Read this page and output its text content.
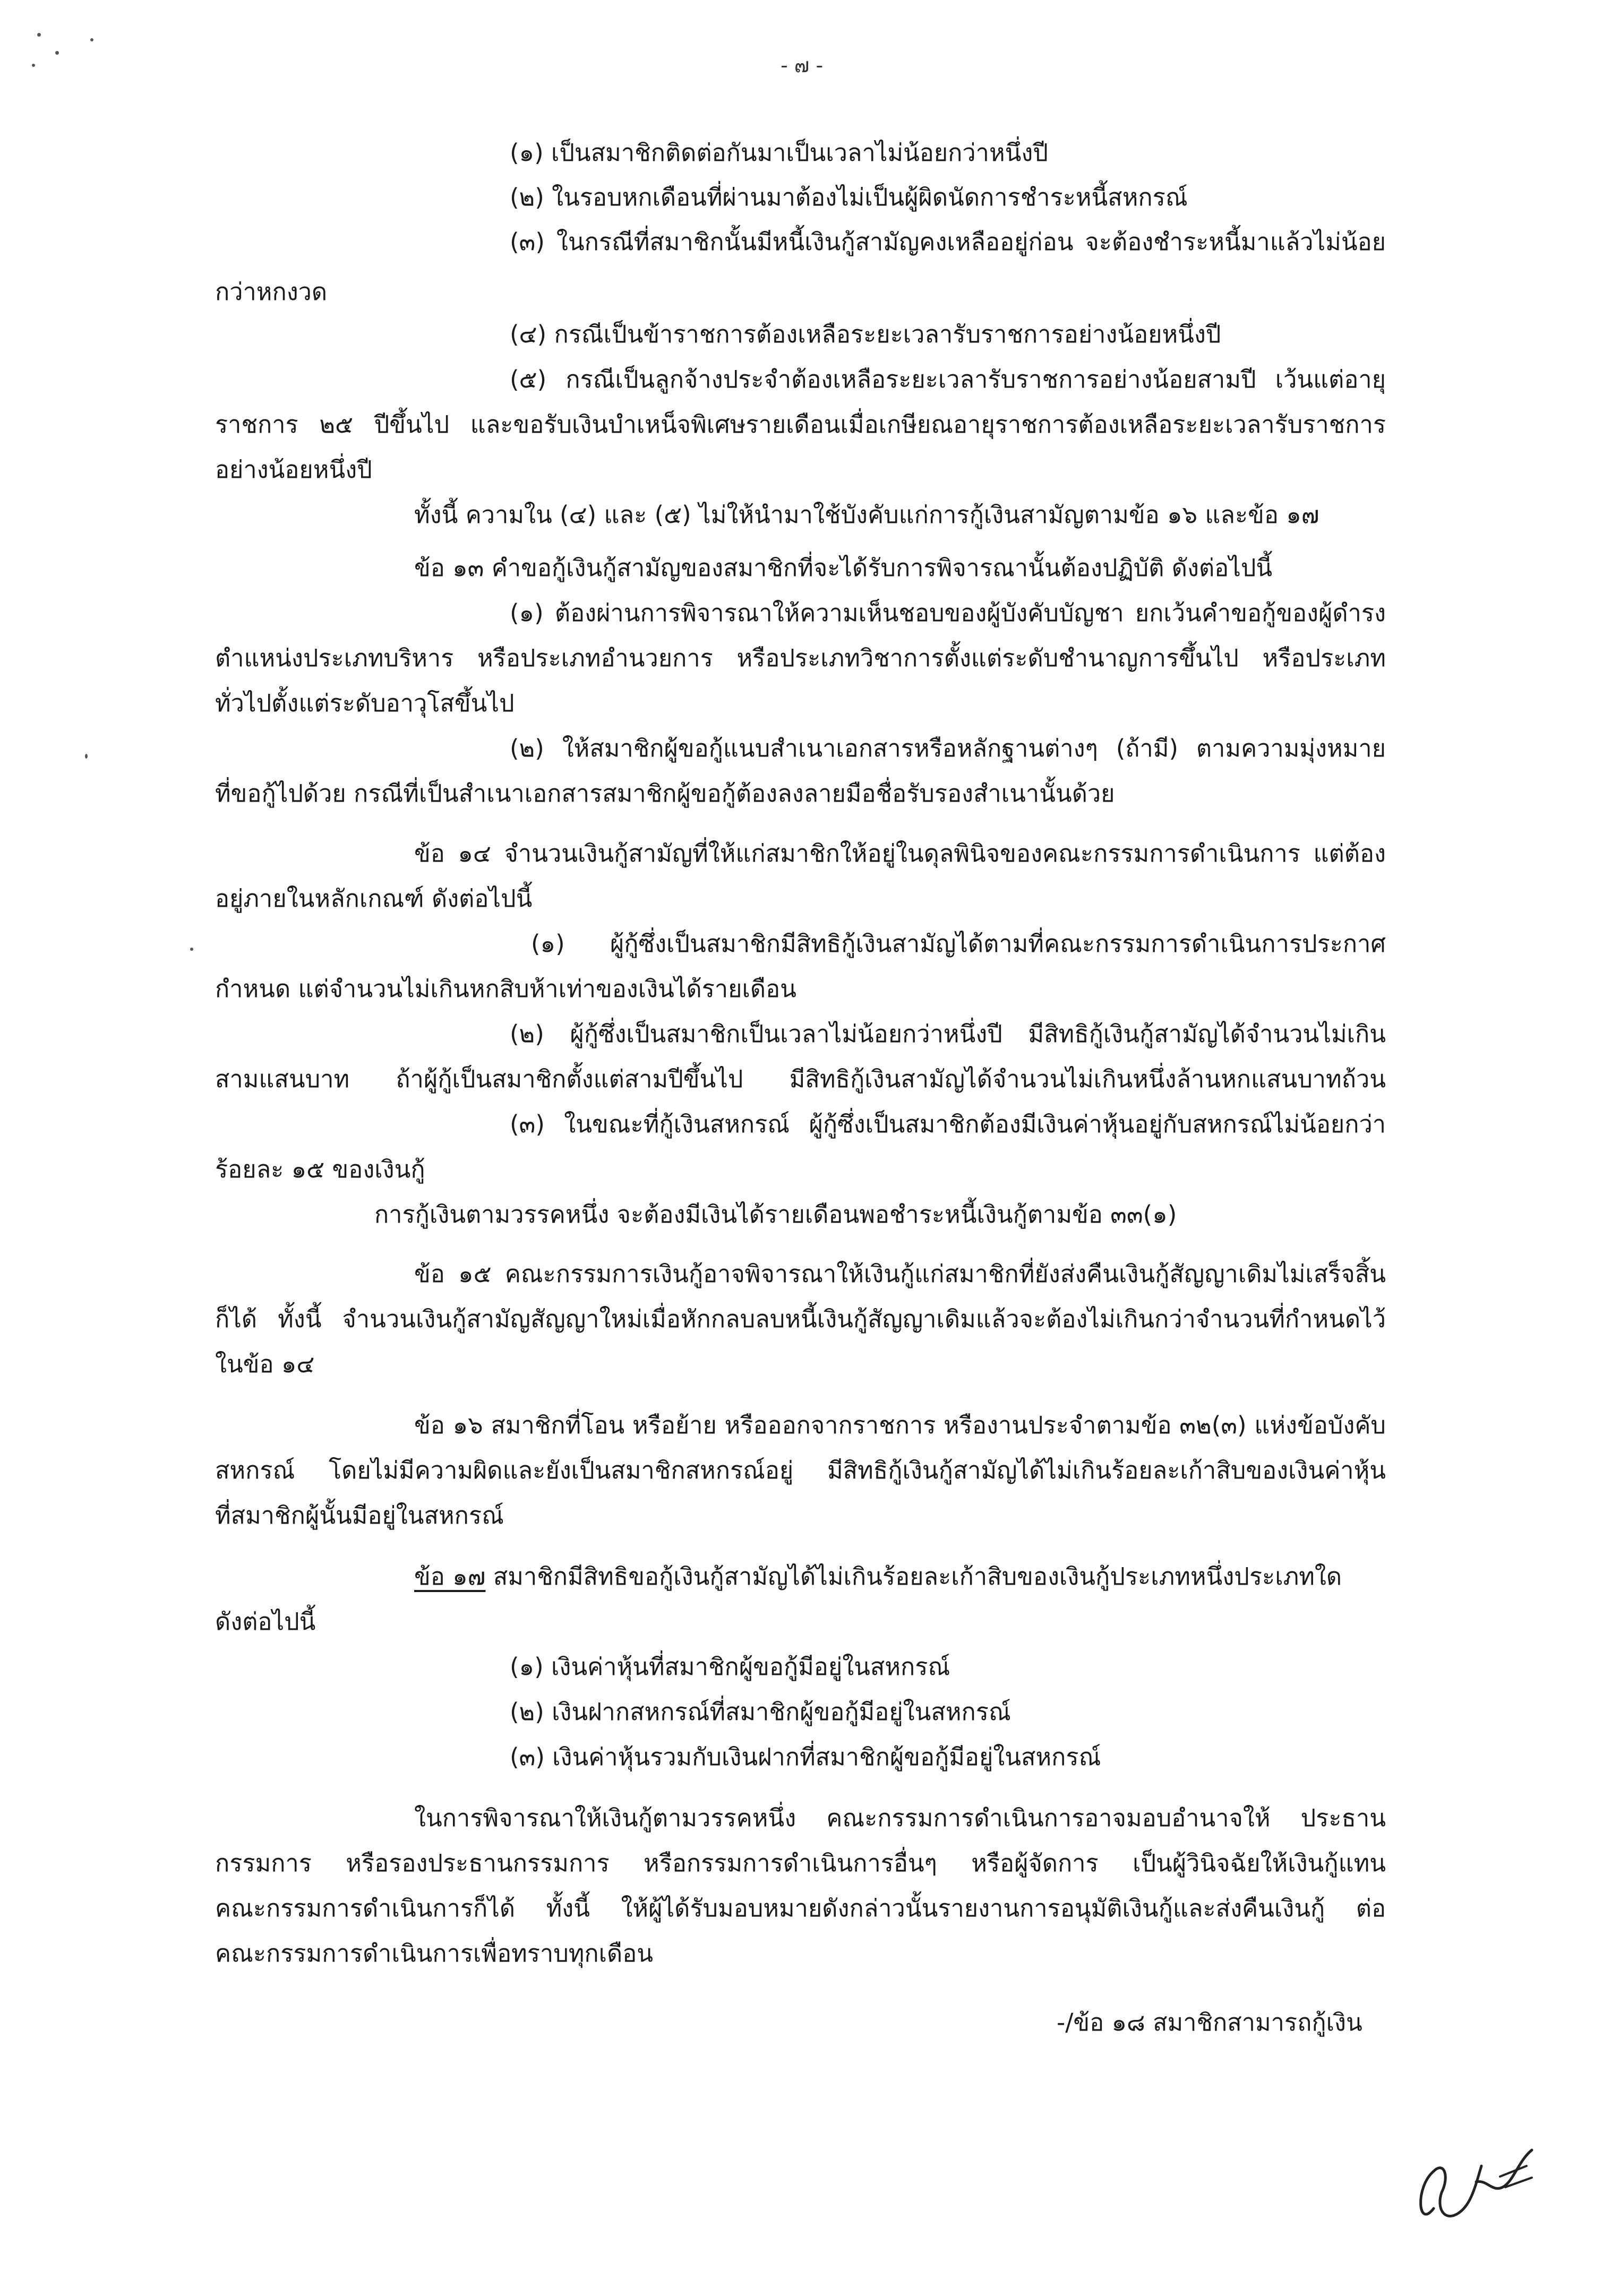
- ๗ -
(๑) เป็นสมาชิกติดต่อกันมาเป็นเวลาไม่น้อยกว่าหนึ่งปี
(๒) ในรอบหกเดือนที่ผ่านมาต้องไม่เป็นผู้ผิดนัดการชำระหนี้สหกรณ์
(๓) ในกรณีที่สมาชิกนั้นมีหนี้เงินกู้สามัญคงเหลืออยู่ก่อน จะต้องชำระหนี้มาแล้วไม่น้อย
กว่าหกงวด
(๔) กรณีเป็นข้าราชการต้องเหลือระยะเวลารับราชการอย่างน้อยหนึ่งปี
(๕) กรณีเป็นลูกจ้างประจำต้องเหลือระยะเวลารับราชการอย่างน้อยสามปี เว้นแต่อายุ
ราชการ ๒๕ ปีขึ้นไป และขอรับเงินบำเหน็จพิเศษรายเดือนเมื่อเกษียณอายุราชการต้องเหลือระยะเวลารับราชการ
อย่างน้อยหนึ่งปี
ทั้งนี้ ความใน (๔) และ (๕) ไม่ให้นำมาใช้บังคับแก่การกู้เงินสามัญตามข้อ ๑๖ และข้อ ๑๗
ข้อ ๑๓ คำขอกู้เงินกู้สามัญของสมาชิกที่จะได้รับการพิจารณานั้นต้องปฏิบัติ ดังต่อไปนี้
(๑) ต้องผ่านการพิจารณาให้ความเห็นชอบของผู้บังคับบัญชา ยกเว้นคำขอกู้ของผู้ดำรง
ตำแหน่งประเภทบริหาร หรือประเภทอำนวยการ หรือประเภทวิชาการตั้งแต่ระดับชำนาญการขึ้นไป หรือประเภท
ทั่วไปตั้งแต่ระดับอาวุโสขึ้นไป
(๒) ให้สมาชิกผู้ขอกู้แนบสำเนาเอกสารหรือหลักฐานต่างๆ (ถ้ามี) ตามความมุ่งหมาย
ที่ขอกู้ไปด้วย กรณีที่เป็นสำเนาเอกสารสมาชิกผู้ขอกู้ต้องลงลายมือชื่อรับรองสำเนานั้นด้วย
ข้อ ๑๔ จำนวนเงินกู้สามัญที่ให้แก่สมาชิกให้อยู่ในดุลพินิจของคณะกรรมการดำเนินการ แต่ต้อง
อยู่ภายในหลักเกณฑ์ ดังต่อไปนี้
(๑) ผู้กู้ซึ่งเป็นสมาชิกมีสิทธิกู้เงินสามัญได้ตามที่คณะกรรมการดำเนินการประกาศ
กำหนด แต่จำนวนไม่เกินหกสิบห้าเท่าของเงินได้รายเดือน
(๒) ผู้กู้ซึ่งเป็นสมาชิกเป็นเวลาไม่น้อยกว่าหนึ่งปี มีสิทธิกู้เงินกู้สามัญได้จำนวนไม่เกิน
สามแสนบาท ถ้าผู้กู้เป็นสมาชิกตั้งแต่สามปีขึ้นไป มีสิทธิกู้เงินสามัญได้จำนวนไม่เกินหนึ่งล้านหกแสนบาทถ้วน
(๓) ในขณะที่กู้เงินสหกรณ์ ผู้กู้ซึ่งเป็นสมาชิกต้องมีเงินค่าหุ้นอยู่กับสหกรณ์ไม่น้อยกว่า
ร้อยละ ๑๕ ของเงินกู้
การกู้เงินตามวรรคหนึ่ง จะต้องมีเงินได้รายเดือนพอชำระหนี้เงินกู้ตามข้อ ๓๓(๑)
ข้อ ๑๕ คณะกรรมการเงินกู้อาจพิจารณาให้เงินกู้แก่สมาชิกที่ยังส่งคืนเงินกู้สัญญาเดิมไม่เสร็จสิ้น
ก็ได้ ทั้งนี้ จำนวนเงินกู้สามัญสัญญาใหม่เมื่อหักกลบลบหนี้เงินกู้สัญญาเดิมแล้วจะต้องไม่เกินกว่าจำนวนที่กำหนดไว้
ในข้อ ๑๔
ข้อ ๑๖ สมาชิกที่โอน หรือย้าย หรือออกจากราชการ หรืองานประจำตามข้อ ๓๒(๓) แห่งข้อบังคับ
สหกรณ์ โดยไม่มีความผิดและยังเป็นสมาชิกสหกรณ์อยู่ มีสิทธิกู้เงินกู้สามัญได้ไม่เกินร้อยละเก้าสิบของเงินค่าหุ้น
ที่สมาชิกผู้นั้นมีอยู่ในสหกรณ์
ข้อ ๑๗ สมาชิกมีสิทธิขอกู้เงินกู้สามัญได้ไม่เกินร้อยละเก้าสิบของเงินกู้ประเภทหนึ่งประเภทใด
ดังต่อไปนี้
(๑) เงินค่าหุ้นที่สมาชิกผู้ขอกู้มีอยู่ในสหกรณ์
(๒) เงินฝากสหกรณ์ที่สมาชิกผู้ขอกู้มีอยู่ในสหกรณ์
(๓) เงินค่าหุ้นรวมกับเงินฝากที่สมาชิกผู้ขอกู้มีอยู่ในสหกรณ์
ในการพิจารณาให้เงินกู้ตามวรรคหนึ่ง คณะกรรมการดำเนินการอาจมอบอำนาจให้ ประธาน
กรรมการ หรือรองประธานกรรมการ หรือกรรมการดำเนินการอื่นๆ หรือผู้จัดการ เป็นผู้วินิจฉัยให้เงินกู้แทน
คณะกรรมการดำเนินการก็ได้ ทั้งนี้ ให้ผู้ได้รับมอบหมายดังกล่าวนั้นรายงานการอนุมัติเงินกู้และส่งคืนเงินกู้ ต่อ
คณะกรรมการดำเนินการเพื่อทราบทุกเดือน
-/ข้อ ๑๘ สมาชิกสามารถกู้เงิน
